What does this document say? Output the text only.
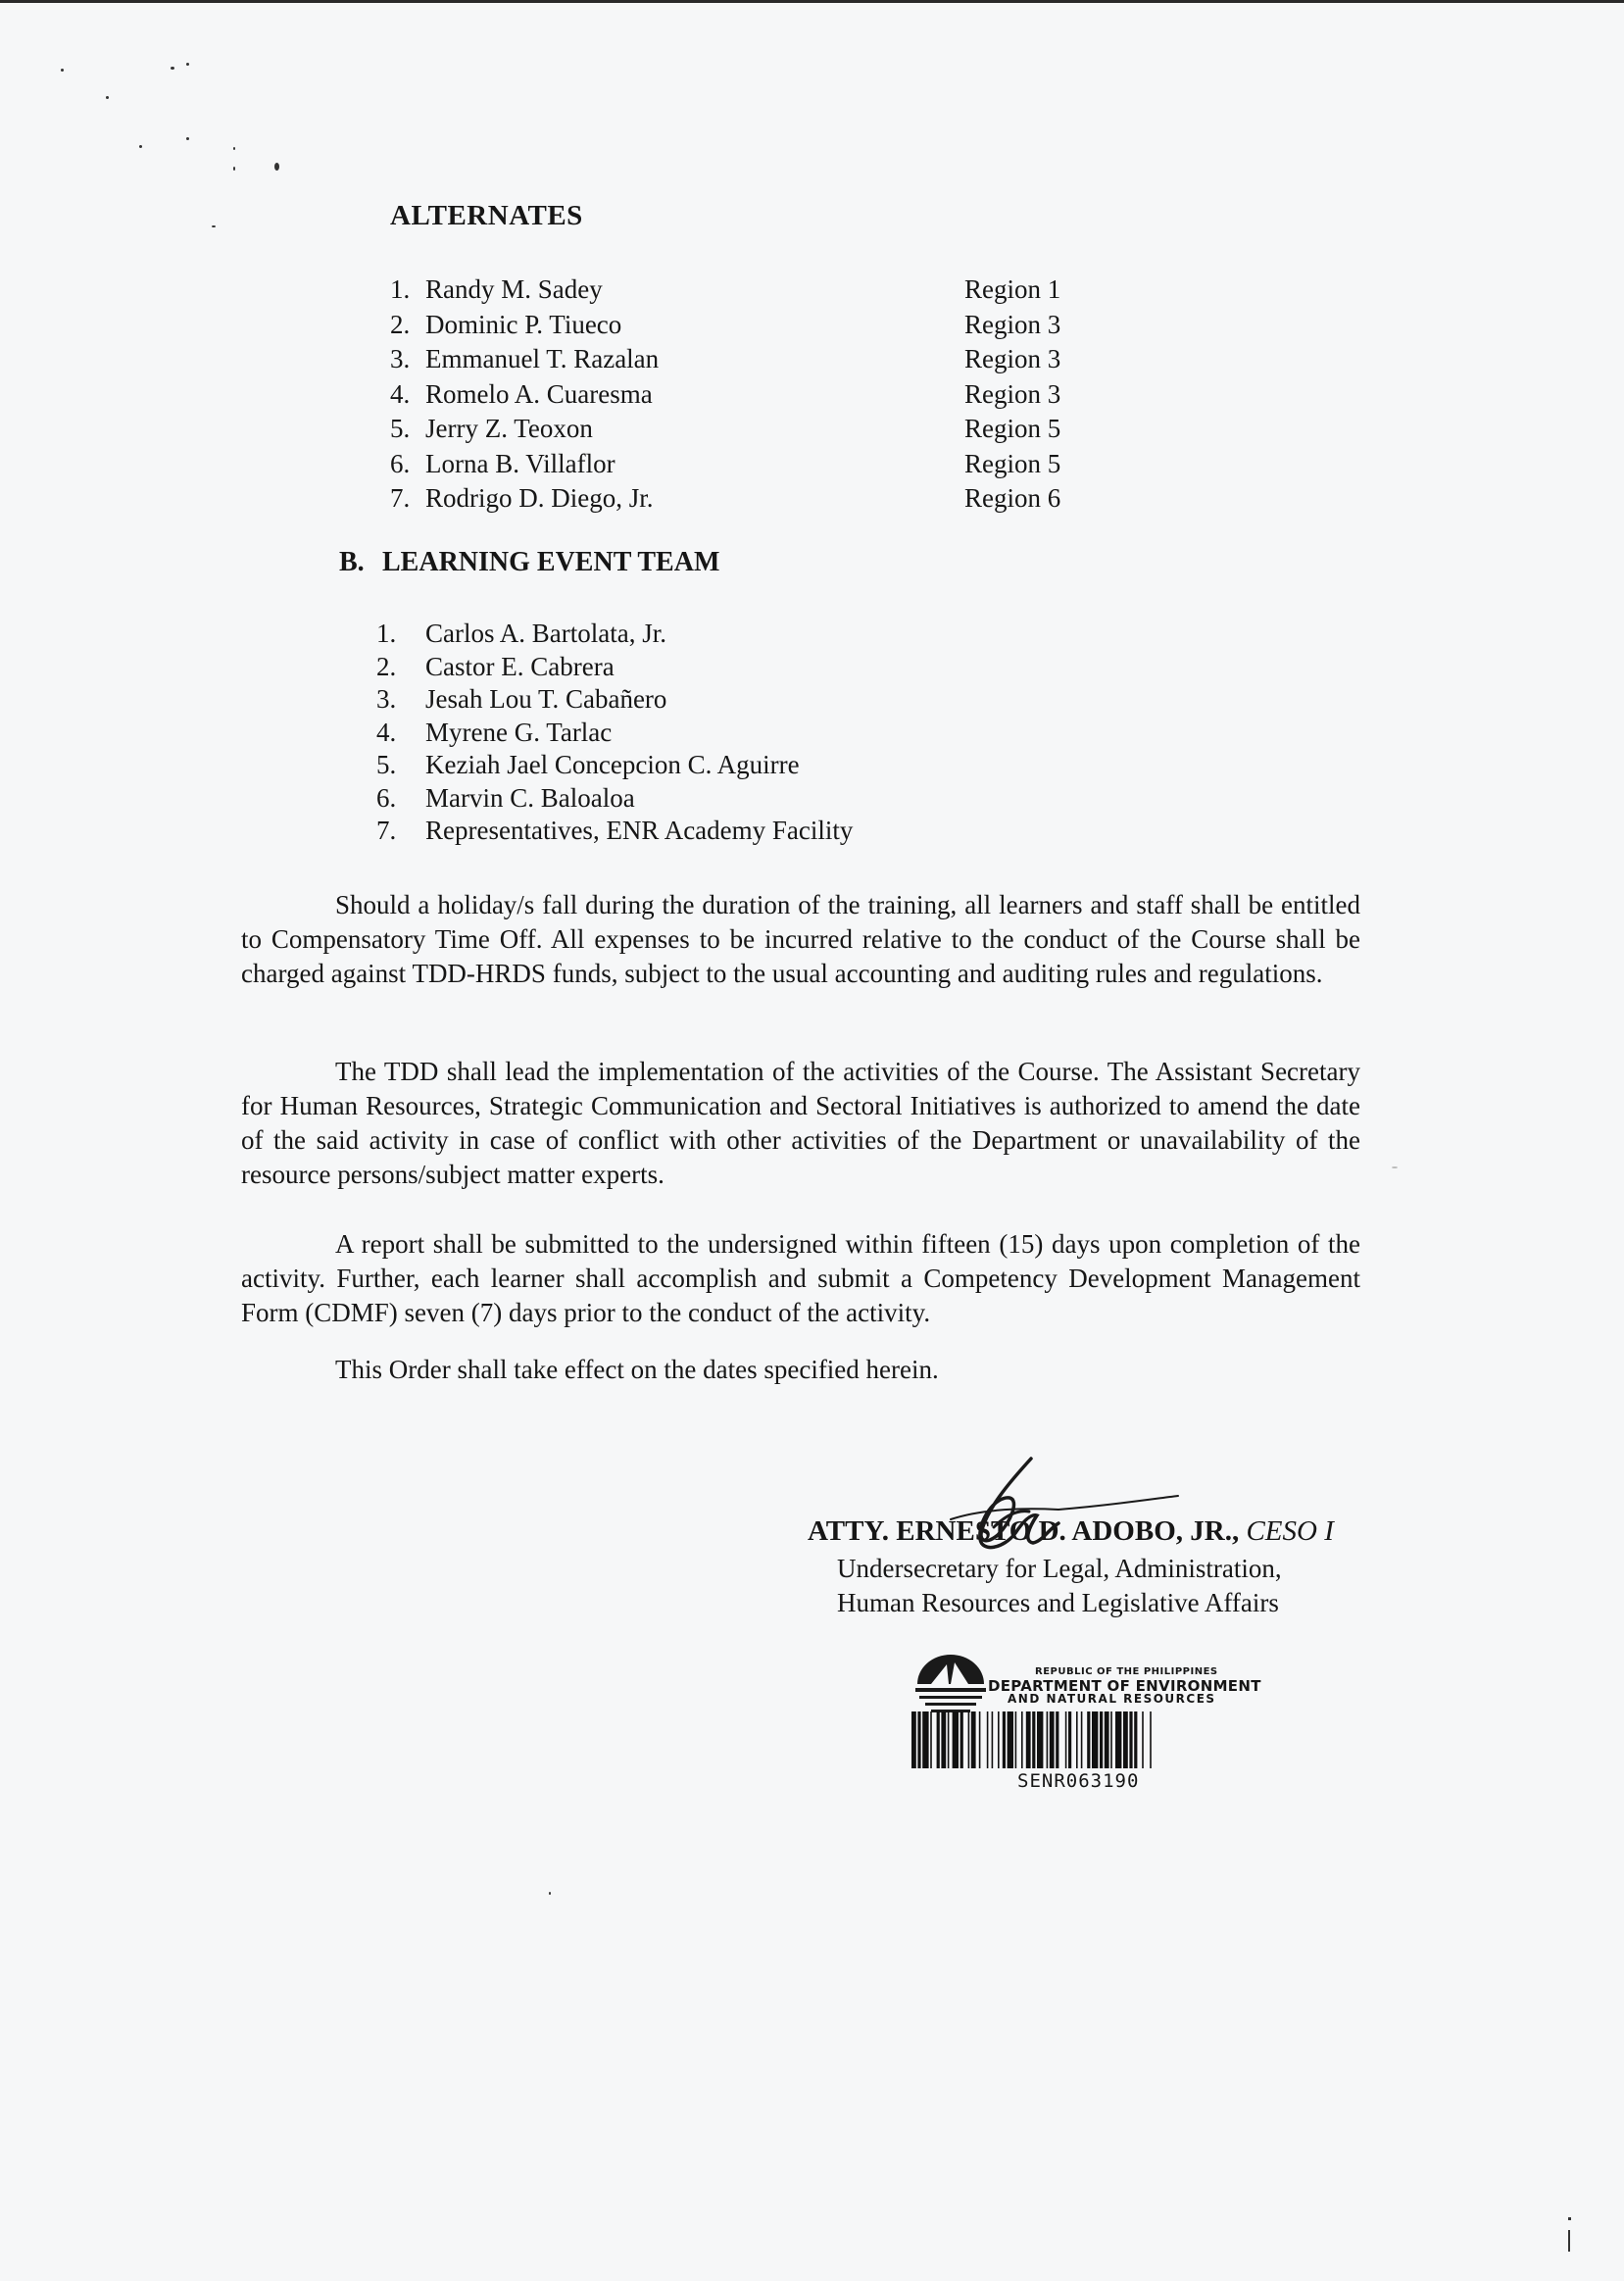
ALTERNATES
1. Randy M. Sadey	Region 1
2. Dominic P. Tiueco	Region 3
3. Emmanuel T. Razalan	Region 3
4. Romelo A. Cuaresma	Region 3
5. Jerry Z. Teoxon	Region 5
6. Lorna B. Villaflor	Region 5
7. Rodrigo D. Diego, Jr.	Region 6
B. LEARNING EVENT TEAM
1. Carlos A. Bartolata, Jr.
2. Castor E. Cabrera
3. Jesah Lou T. Cabañero
4. Myrene G. Tarlac
5. Keziah Jael Concepcion C. Aguirre
6. Marvin C. Baloaloa
7. Representatives, ENR Academy Facility

Should a holiday/s fall during the duration of the training, all learners and staff shall be entitled to Compensatory Time Off. All expenses to be incurred relative to the conduct of the Course shall be charged against TDD-HRDS funds, subject to the usual accounting and auditing rules and regulations.

The TDD shall lead the implementation of the activities of the Course. The Assistant Secretary for Human Resources, Strategic Communication and Sectoral Initiatives is authorized to amend the date of the said activity in case of conflict with other activities of the Department or unavailability of the resource persons/subject matter experts.

A report shall be submitted to the undersigned within fifteen (15) days upon completion of the activity. Further, each learner shall accomplish and submit a Competency Development Management Form (CDMF) seven (7) days prior to the conduct of the activity.

This Order shall take effect on the dates specified herein.

ATTY. ERNESTO D. ADOBO, JR., CESO I
Undersecretary for Legal, Administration,
Human Resources and Legislative Affairs
REPUBLIC OF THE PHILIPPINES
DEPARTMENT OF ENVIRONMENT
AND NATURAL RESOURCES
SENR063190
